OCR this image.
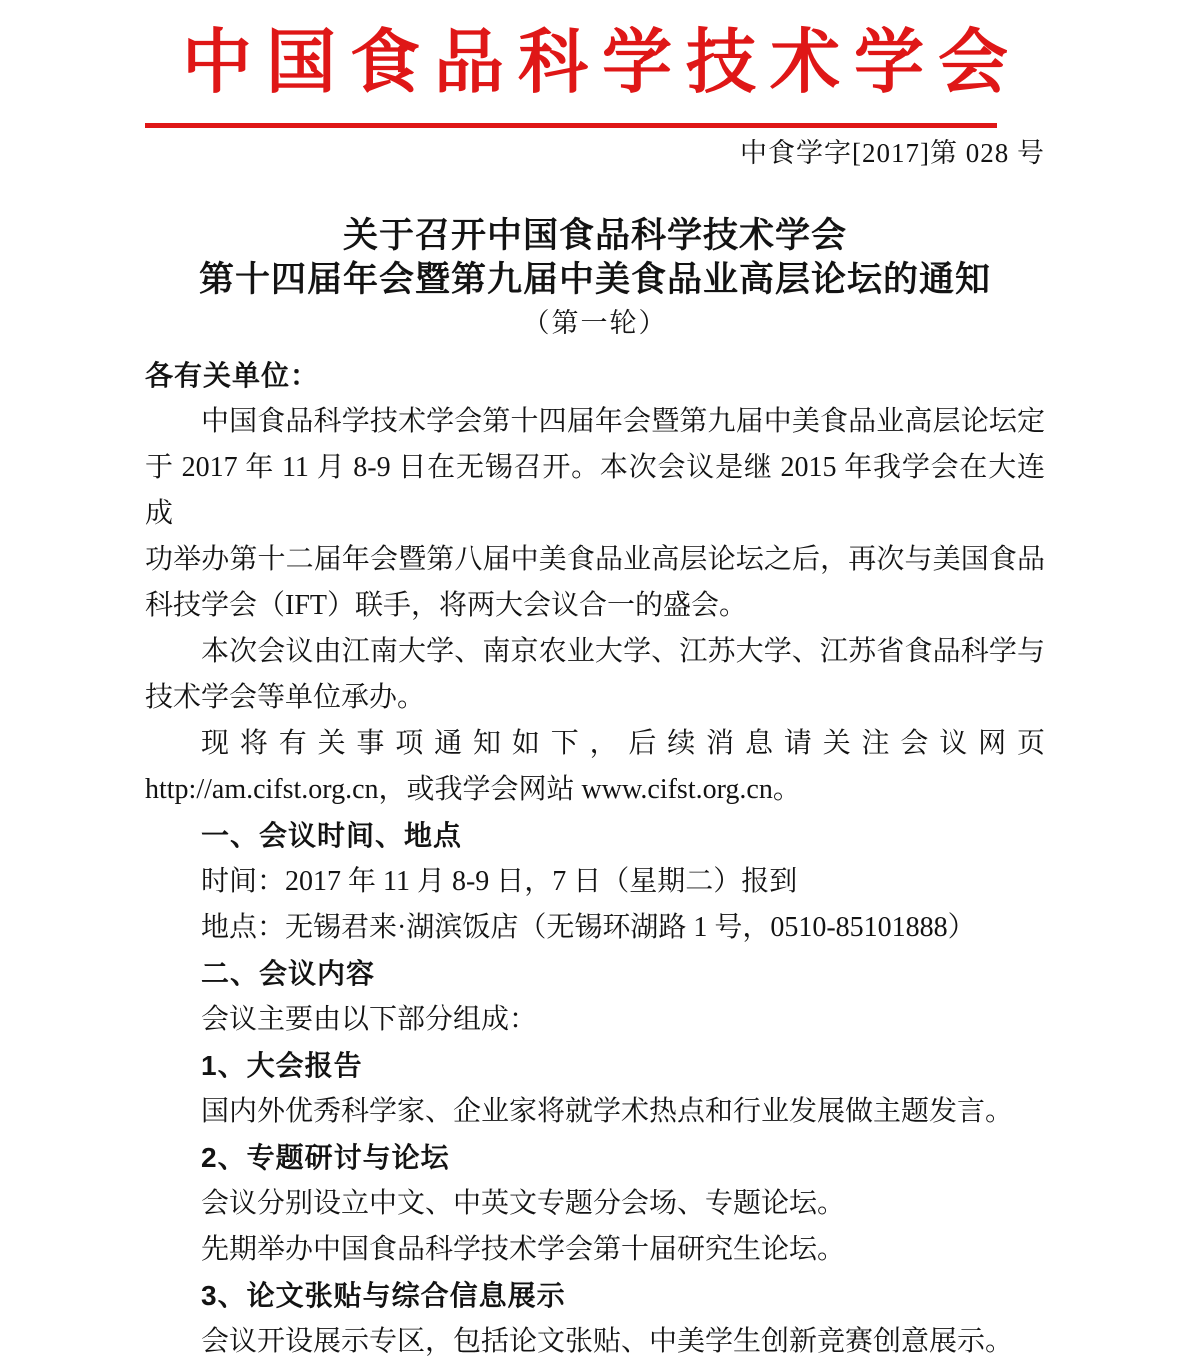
中国食品科学技术学会
中食学字[2017]第 028 号
关于召开中国食品科学技术学会
第十四届年会暨第九届中美食品业高层论坛的通知
（第一轮）
各有关单位：
中国食品科学技术学会第十四届年会暨第九届中美食品业高层论坛定
于 2017 年 11 月 8-9 日在无锡召开。本次会议是继 2015 年我学会在大连成
功举办第十二届年会暨第八届中美食品业高层论坛之后，再次与美国食品
科技学会（IFT）联手，将两大会议合一的盛会。
本次会议由江南大学、南京农业大学、江苏大学、江苏省食品科学与
技术学会等单位承办。
现将有关事项通知如下，后续消息请关注会议网页
http://am.cifst.org.cn，或我学会网站 www.cifst.org.cn。
一、会议时间、地点
时间：2017 年 11 月 8-9 日，7 日（星期二）报到
地点：无锡君来·湖滨饭店（无锡环湖路 1 号，0510-85101888）
二、会议内容
会议主要由以下部分组成：
1、大会报告
国内外优秀科学家、企业家将就学术热点和行业发展做主题发言。
2、专题研讨与论坛
会议分别设立中文、中英文专题分会场、专题论坛。
先期举办中国食品科学技术学会第十届研究生论坛。
3、论文张贴与综合信息展示
会议开设展示专区，包括论文张贴、中美学生创新竞赛创意展示。
